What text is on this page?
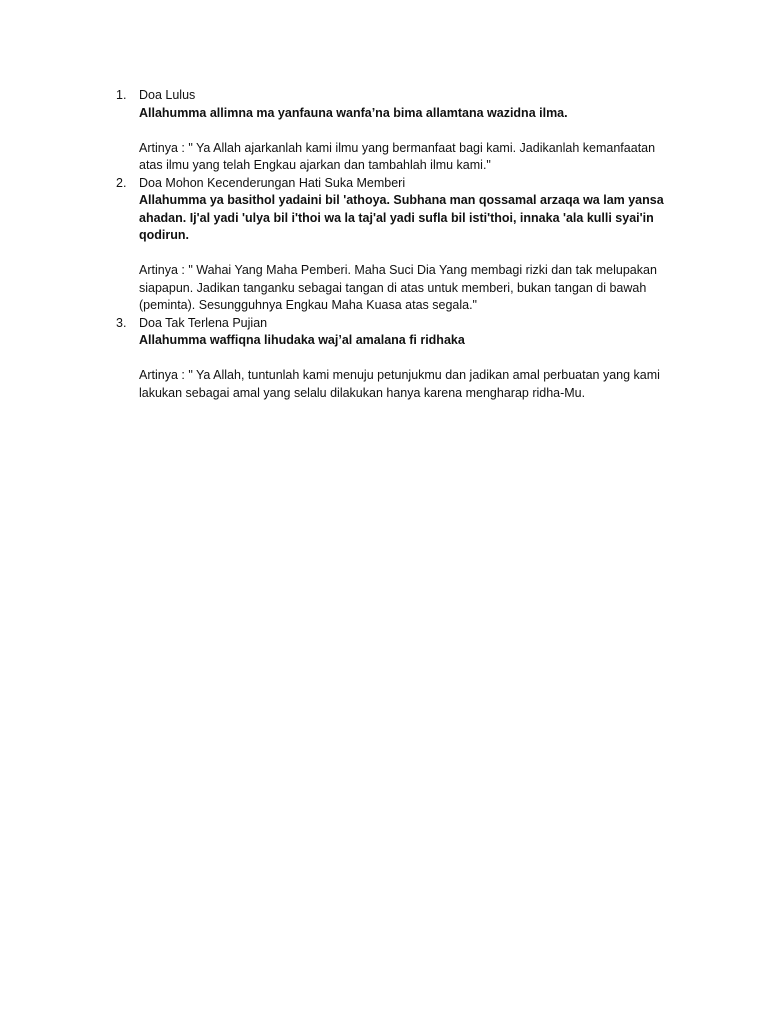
1. Doa Lulus
Allahumma allimna ma yanfauna wanfa’na bima allamtana wazidna ilma.
Artinya : " Ya Allah ajarkanlah kami ilmu yang bermanfaat bagi kami. Jadikanlah kemanfaatan atas ilmu yang telah Engkau ajarkan dan tambahlah ilmu kami."
2. Doa Mohon Kecenderungan Hati Suka Memberi
Allahumma ya basithol yadaini bil 'athoya. Subhana man qossamal arzaqa wa lam yansa ahadan. Ij'al yadi 'ulya bil i'thoi wa la taj'al yadi sufla bil isti'thoi, innaka 'ala kulli syai'in qodirun.
Artinya : " Wahai Yang Maha Pemberi. Maha Suci Dia Yang membagi rizki dan tak melupakan siapapun. Jadikan tanganku sebagai tangan di atas untuk memberi, bukan tangan di bawah (peminta). Sesungguhnya Engkau Maha Kuasa atas segala."
3. Doa Tak Terlena Pujian
Allahumma waffiqna lihudaka waj’al amalana fi ridhaka
Artinya : " Ya Allah, tuntunlah kami menuju petunjukmu dan jadikan amal perbuatan yang kami lakukan sebagai amal yang selalu dilakukan hanya karena mengharap ridha-Mu.
